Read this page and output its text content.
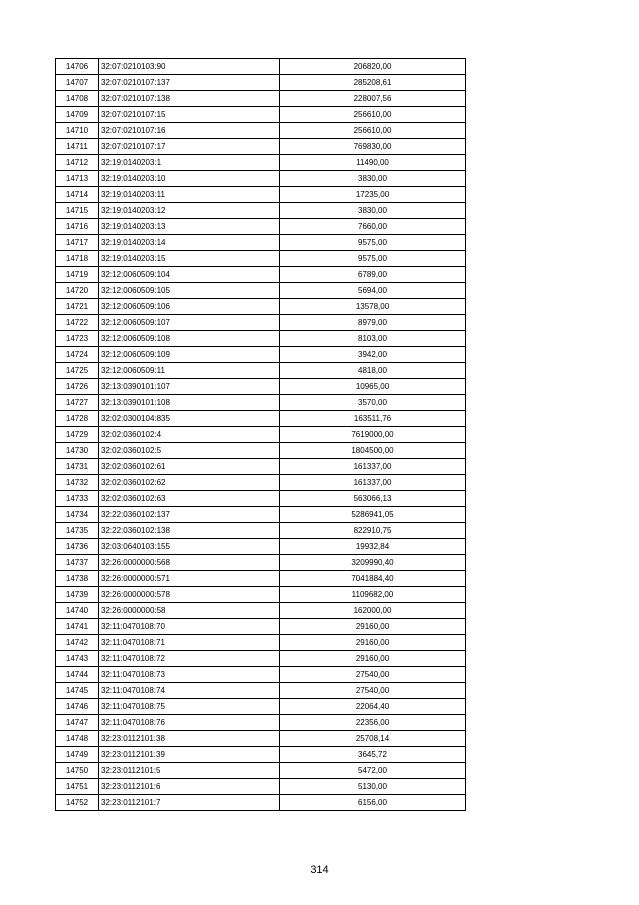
14706	32:07:0210103:90	206820,00
14707	32:07:0210107:137	285208,61
14708	32:07:0210107:138	228007,56
14709	32:07:0210107:15	256610,00
14710	32:07:0210107:16	256610,00
14711	32:07:0210107:17	769830,00
14712	32:19:0140203:1	11490,00
14713	32:19:0140203:10	3830,00
14714	32:19:0140203:11	17235,00
14715	32:19:0140203:12	3830,00
14716	32:19:0140203:13	7660,00
14717	32:19:0140203:14	9575,00
14718	32:19:0140203:15	9575,00
14719	32:12:0060509:104	6789,00
14720	32:12:0060509:105	5694,00
14721	32:12:0060509:106	13578,00
14722	32:12:0060509:107	8979,00
14723	32:12:0060509:108	8103,00
14724	32:12:0060509:109	3942,00
14725	32:12:0060509:11	4818,00
14726	32:13:0390101:107	10965,00
14727	32:13:0390101:108	3570,00
14728	32:02:0300104:835	163511,76
14729	32:02:0360102:4	7619000,00
14730	32:02:0360102:5	1804500,00
14731	32:02:0360102:61	161337,00
14732	32:02:0360102:62	161337,00
14733	32:02:0360102:63	563066,13
14734	32:22:0360102:137	5286941,05
14735	32:22:0360102:138	822910,75
14736	32:03:0640103:155	19932,84
14737	32:26:0000000:568	3209990,40
14738	32:26:0000000:571	7041884,40
14739	32:26:0000000:578	1109682,00
14740	32:26:0000000:58	162000,00
14741	32:11:0470108:70	29160,00
14742	32:11:0470108:71	29160,00
14743	32:11:0470108:72	29160,00
14744	32:11:0470108:73	27540,00
14745	32:11:0470108:74	27540,00
14746	32:11:0470108:75	22064,40
14747	32:11:0470108:76	22356,00
14748	32:23:0112101:38	25708,14
14749	32:23:0112101:39	3645,72
14750	32:23:0112101:5	5472,00
14751	32:23:0112101:6	5130,00
14752	32:23:0112101:7	6156,00
314
